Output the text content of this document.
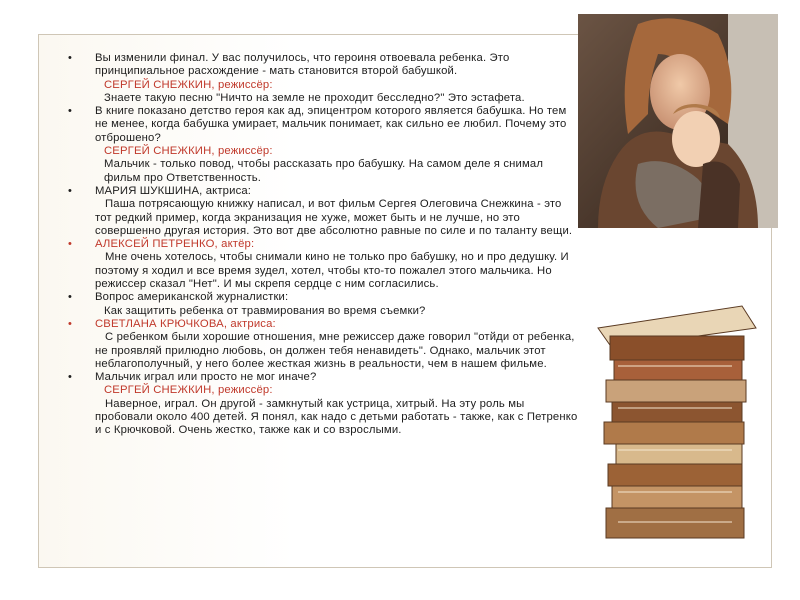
•	Вы изменили финал. У вас получилось, что героиня отвоевала ребенка. Это принципиальное расхождение - мать становится второй бабушкой.
СЕРГЕЙ СНЕЖКИН, режиссёр:
Знаете такую песню "Ничто на земле не проходит бесследно?" Это эстафета.
•	В книге показано детство героя как ад, эпицентром которого является бабушка. Но тем не менее, когда бабушка умирает, мальчик понимает, как сильно ее любил. Почему это отброшено?
СЕРГЕЙ СНЕЖКИН, режиссёр:
Мальчик - только повод, чтобы рассказать про бабушку. На самом деле я снимал фильм про Ответственность.
•	МАРИЯ ШУКШИНА, актриса:
Паша потрясающую книжку написал, и вот фильм Сергея Олеговича Снежкина - это тот редкий пример, когда экранизация не хуже, может быть и не лучше, но это совершенно другая история. Это вот две абсолютно равные по силе и по таланту вещи.
•	АЛЕКСЕЙ ПЕТРЕНКО, актёр:
Мне очень хотелось, чтобы снимали кино не только про бабушку, но и про дедушку. И поэтому я ходил и все время зудел, хотел, чтобы кто-то пожалел этого мальчика. Но режиссер сказал "Нет". И мы скрепя сердце с ним согласились.
•	Вопрос американской журналистки:
Как защитить ребенка от травмирования во время съемки?
•	СВЕТЛАНА КРЮЧКОВА, актриса:
С ребенком были хорошие отношения, мне режиссер даже говорил "отйди от ребенка, не проявляй прилюдно любовь, он должен тебя ненавидеть". Однако, мальчик этот неблагополучный, у него более жесткая жизнь в реальности, чем в нашем фильме.
•	Мальчик играл или просто не мог иначе?
СЕРГЕЙ СНЕЖКИН, режиссёр:
Наверное, играл. Он другой - замкнутый как устрица, хитрый. На эту роль мы пробовали около 400 детей. Я понял, как надо с детьми работать - также, как с Петренко и с Крючковой. Очень жестко, также как и со взрослыми.
